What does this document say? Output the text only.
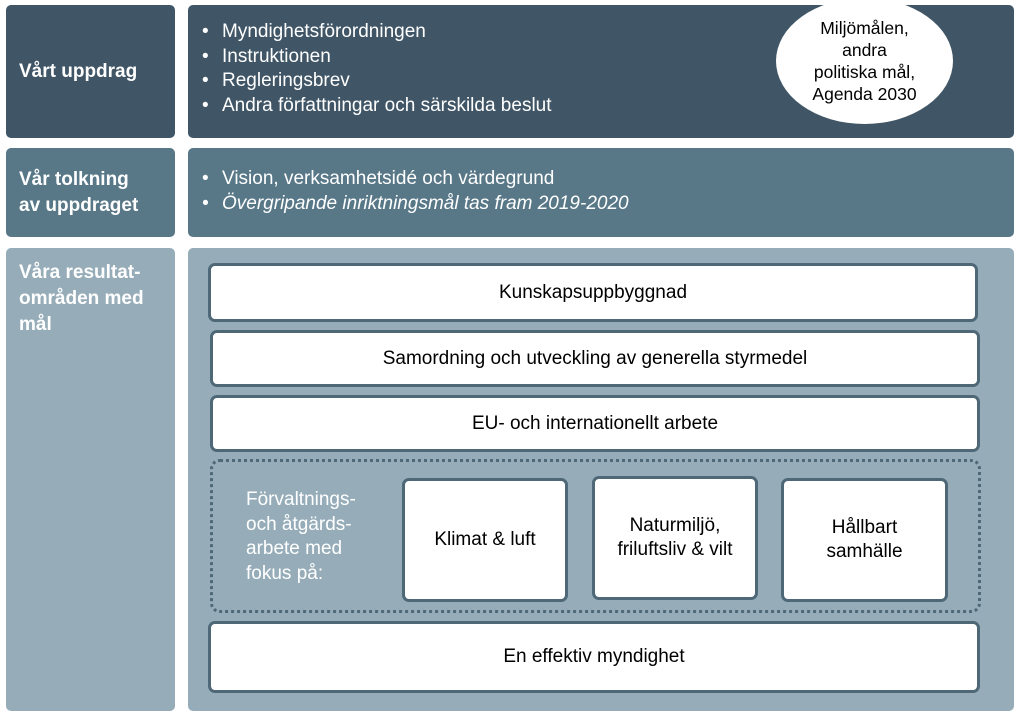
Vårt uppdrag
• Myndighetsförordningen
• Instruktionen
• Regleringsbrev
• Andra författningar och särskilda beslut
Miljömålen,
andra
politiska mål,
Agenda 2030
Vår tolkning
av uppdraget
• Vision, verksamhetsidé och värdegrund
• Övergripande inriktningsmål tas fram 2019-2020
Våra resultat-
områden med
mål
Kunskapsuppbyggnad
Samordning och utveckling av generella styrmedel
EU- och internationellt arbete
Förvaltnings-
och åtgärds-
arbete med
fokus på:
Klimat & luft
Naturmiljö,
friluftsliv & vilt
Hållbart
samhälle
En effektiv myndighet
